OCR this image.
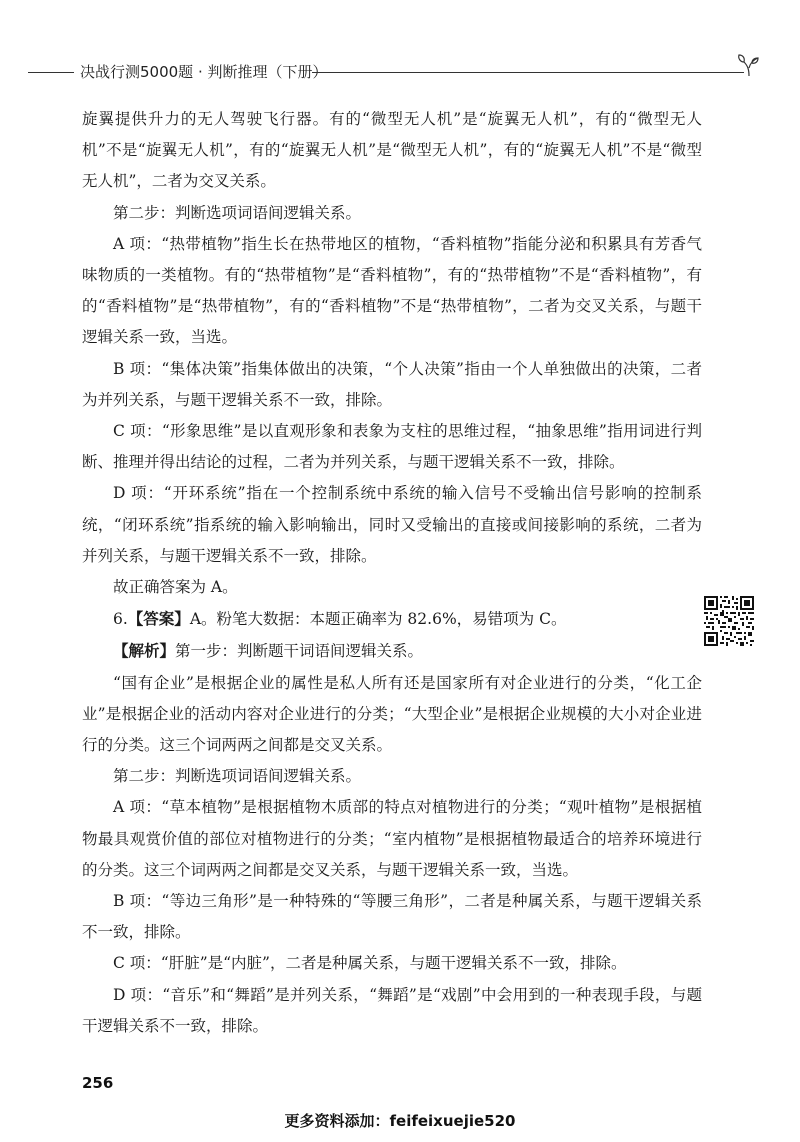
决战行测5000题 · 判断推理（下册）

旋翼提供升力的无人驾驶飞行器。有的“微型无人机”是“旋翼无人机”，有的“微型无人机”不是“旋翼无人机”，有的“旋翼无人机”是“微型无人机”，有的“旋翼无人机”不是“微型无人机”，二者为交叉关系。

第二步：判断选项词语间逻辑关系。

A 项：“热带植物”指生长在热带地区的植物，“香料植物”指能分泌和积累具有芳香气味物质的一类植物。有的“热带植物”是“香料植物”，有的“热带植物”不是“香料植物”，有的“香料植物”是“热带植物”，有的“香料植物”不是“热带植物”，二者为交叉关系，与题干逻辑关系一致，当选。

B 项：“集体决策”指集体做出的决策，“个人决策”指由一个人单独做出的决策，二者为并列关系，与题干逻辑关系不一致，排除。

C 项：“形象思维”是以直观形象和表象为支柱的思维过程，“抽象思维”指用词进行判断、推理并得出结论的过程，二者为并列关系，与题干逻辑关系不一致，排除。

D 项：“开环系统”指在一个控制系统中系统的输入信号不受输出信号影响的控制系统，“闭环系统”指系统的输入影响输出，同时又受输出的直接或间接影响的系统，二者为并列关系，与题干逻辑关系不一致，排除。

故正确答案为 A。

6.【答案】A。粉笔大数据：本题正确率为 82.6%，易错项为 C。

【解析】第一步：判断题干词语间逻辑关系。

“国有企业”是根据企业的属性是私人所有还是国家所有对企业进行的分类，“化工企业”是根据企业的活动内容对企业进行的分类；“大型企业”是根据企业规模的大小对企业进行的分类。这三个词两两之间都是交叉关系。

第二步：判断选项词语间逻辑关系。

A 项：“草本植物”是根据植物木质部的特点对植物进行的分类；“观叶植物”是根据植物最具观赏价值的部位对植物进行的分类；“室内植物”是根据植物最适合的培养环境进行的分类。这三个词两两之间都是交叉关系，与题干逻辑关系一致，当选。

B 项：“等边三角形”是一种特殊的“等腰三角形”，二者是种属关系，与题干逻辑关系不一致，排除。

C 项：“肝脏”是“内脏”，二者是种属关系，与题干逻辑关系不一致，排除。

D 项：“音乐”和“舞蹈”是并列关系，“舞蹈”是“戏剧”中会用到的一种表现手段，与题干逻辑关系不一致，排除。

256
更多资料添加：feifeixuejie520
